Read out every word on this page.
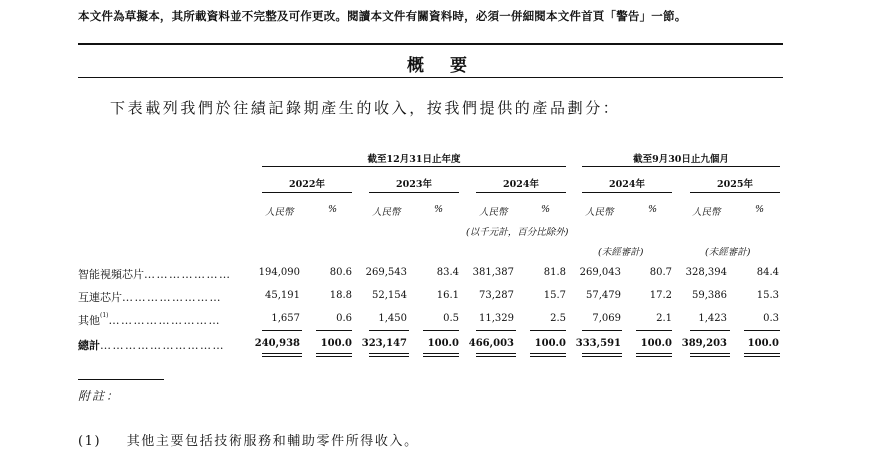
本文件為草擬本，其所載資料並不完整及可作更改。閱讀本文件有關資料時，必須一併細閱本文件首頁「警告」一節。
概要
下表載列我們於往績記錄期產生的收入，按我們提供的產品劃分：
截至12月31日止年度	截至9月30日止九個月
2022年	2023年	2024年	2024年	2025年
人民幣	%	人民幣	%	人民幣	%	人民幣	%	人民幣	%
(以千元計，百分比除外)
(未經審計)	(未經審計)
智能視頻芯片…………………	194,090	80.6	269,543	83.4	381,387	81.8	269,043	80.7	328,394	84.4
互連芯片……………………	45,191	18.8	52,154	16.1	73,287	15.7	57,479	17.2	59,386	15.3
其他$^{(1)}$………………………	1,657	0.6	1,450	0.5	11,329	2.5	7,069	2.1	1,423	0.3
總計…………………………	240,938	100.0 323,147	100.0 466,003	100.0 333,591	100.0 389,203	100.0
附註：
(1) 其他主要包括技術服務和輔助零件所得收入。
